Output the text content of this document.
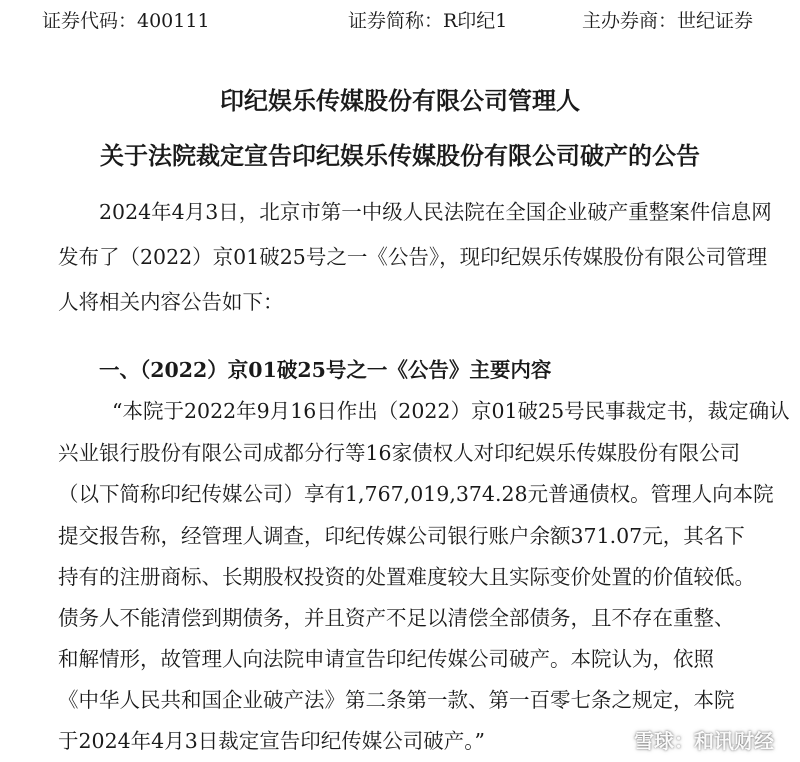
证券代码：400111	证券简称：R印纪1	主办券商：世纪证券
印纪娱乐传媒股份有限公司管理人
关于法院裁定宣告印纪娱乐传媒股份有限公司破产的公告
2024年4月3日，北京市第一中级人民法院在全国企业破产重整案件信息网
发布了（2022）京01破25号之一《公告》，现印纪娱乐传媒股份有限公司管理
人将相关内容公告如下：
一、（2022）京01破25号之一《公告》主要内容
“本院于2022年9月16日作出（2022）京01破25号民事裁定书，裁定确认
兴业银行股份有限公司成都分行等16家债权人对印纪娱乐传媒股份有限公司
（以下简称印纪传媒公司）享有1,767,019,374.28元普通债权。管理人向本院
提交报告称，经管理人调查，印纪传媒公司银行账户余额371.07元，其名下
持有的注册商标、长期股权投资的处置难度较大且实际变价处置的价值较低。
债务人不能清偿到期债务，并且资产不足以清偿全部债务，且不存在重整、
和解情形，故管理人向法院申请宣告印纪传媒公司破产。本院认为，依照
《中华人民共和国企业破产法》第二条第一款、第一百零七条之规定，本院
于2024年4月3日裁定宣告印纪传媒公司破产。”	雪球：和讯财经
